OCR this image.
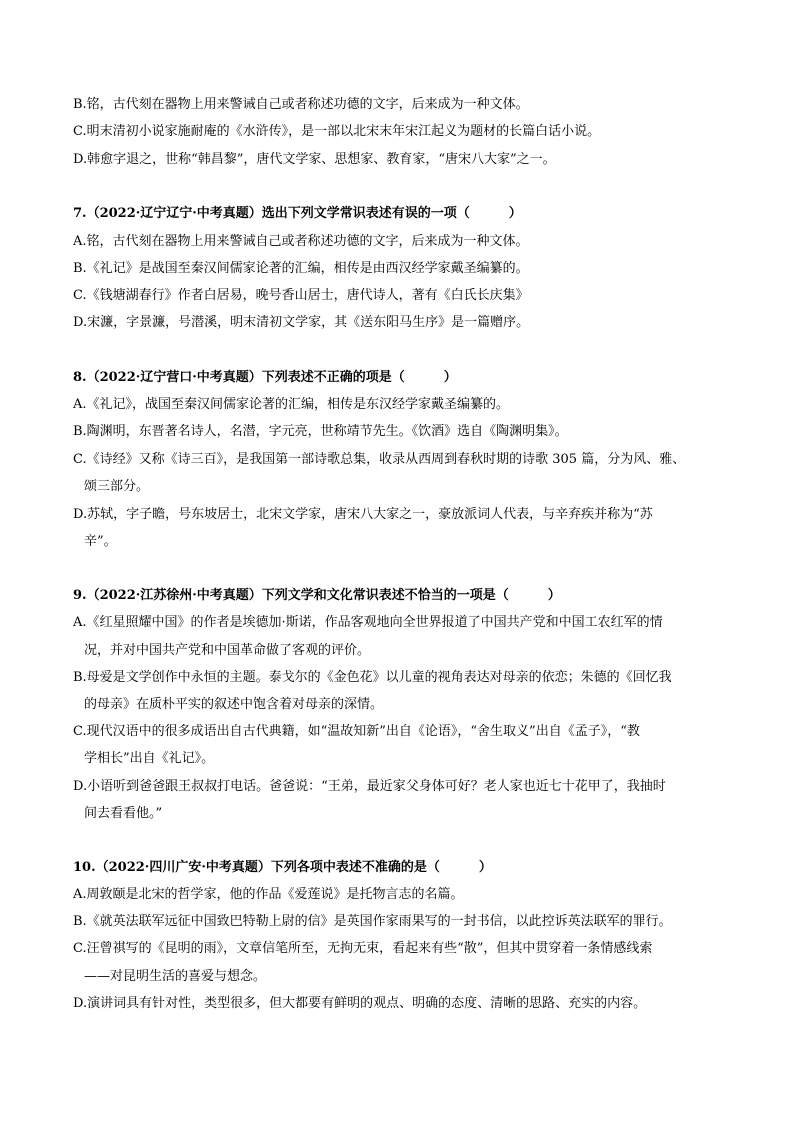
B.铭，古代刻在器物上用来警诫自己或者称述功德的文字，后来成为一种文体。
C.明末清初小说家施耐庵的《水浒传》，是一部以北宋末年宋江起义为题材的长篇白话小说。
D.韩愈字退之，世称“韩昌黎”，唐代文学家、思想家、教育家，“唐宋八大家”之一。
7.（2022·辽宁辽宁·中考真题）选出下列文学常识表述有误的一项（　　　）
A.铭，古代刻在器物上用来警诫自己或者称述功德的文字，后来成为一种文体。
B.《礼记》是战国至秦汉间儒家论著的汇编，相传是由西汉经学家戴圣编纂的。
C.《钱塘湖春行》作者白居易，晚号香山居士，唐代诗人，著有《白氏长庆集》
D.宋濂，字景濂，号潜溪，明末清初文学家，其《送东阳马生序》是一篇赠序。
8.（2022·辽宁营口·中考真题）下列表述不正确的项是（　　　）
A.《礼记》，战国至秦汉间儒家论著的汇编，相传是东汉经学家戴圣编纂的。
B.陶渊明，东晋著名诗人，名潜，字元亮，世称靖节先生。《饮酒》选自《陶渊明集》。
C.《诗经》又称《诗三百》，是我国第一部诗歌总集，收录从西周到春秋时期的诗歌 305 篇，分为风、雅、
颂三部分。
D.苏轼，字子瞻，号东坡居士，北宋文学家，唐宋八大家之一，豪放派词人代表，与辛弃疾并称为“苏
辛”。
9.（2022·江苏徐州·中考真题）下列文学和文化常识表述不恰当的一项是（　　　）
A.《红星照耀中国》的作者是埃德加·斯诺，作品客观地向全世界报道了中国共产党和中国工农红军的情
况，并对中国共产党和中国革命做了客观的评价。
B.母爱是文学创作中永恒的主题。泰戈尔的《金色花》以儿童的视角表达对母亲的依恋；朱德的《回忆我
的母亲》在质朴平实的叙述中饱含着对母亲的深情。
C.现代汉语中的很多成语出自古代典籍，如“温故知新”出自《论语》，“舍生取义”出自《孟子》，“教
学相长”出自《礼记》。
D.小语听到爸爸跟王叔叔打电话。爸爸说：“王弟，最近家父身体可好？老人家也近七十花甲了，我抽时
间去看看他。”
10.（2022·四川广安·中考真题）下列各项中表述不准确的是（　　　）
A.周敦颐是北宋的哲学家，他的作品《爱莲说》是托物言志的名篇。
B.《就英法联军远征中国致巴特勒上尉的信》是英国作家雨果写的一封书信，以此控诉英法联军的罪行。
C.汪曾祺写的《昆明的雨》，文章信笔所至，无拘无束，看起来有些“散”，但其中贯穿着一条情感线索
——对昆明生活的喜爱与想念。
D.演讲词具有针对性，类型很多，但大都要有鲜明的观点、明确的态度、清晰的思路、充实的内容。
